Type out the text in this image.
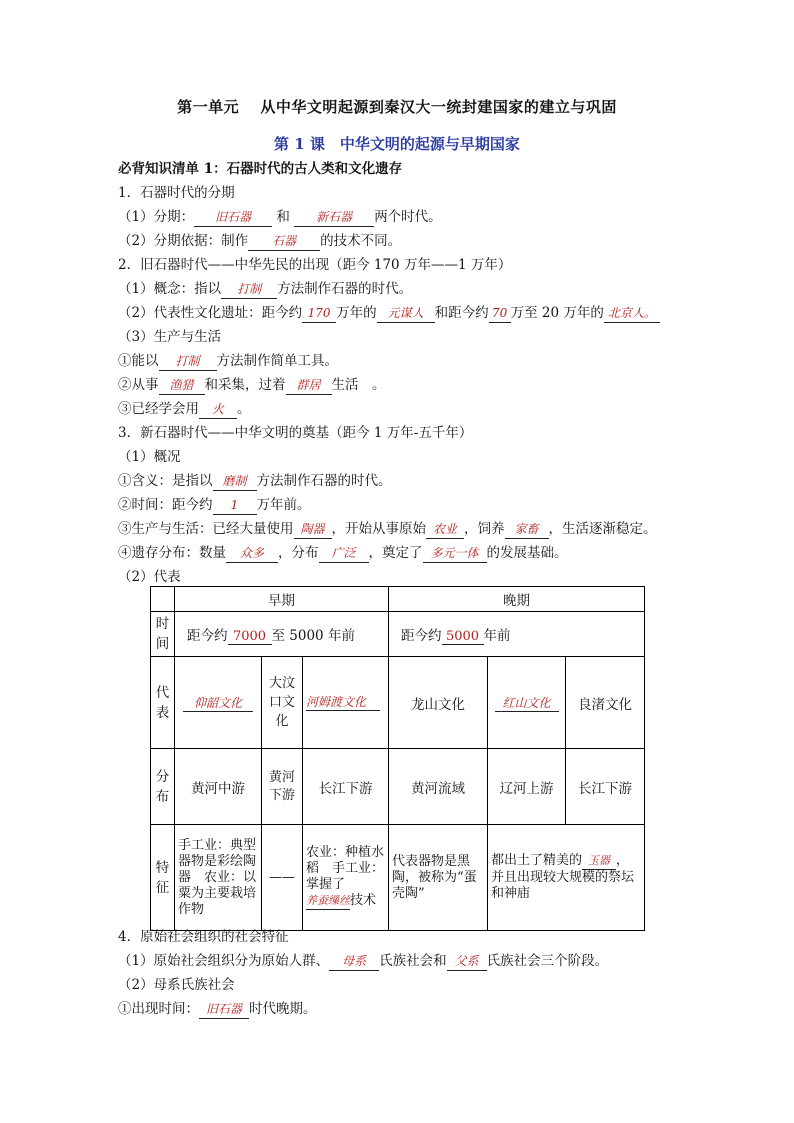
第一单元　 从中华文明起源到秦汉大一统封建国家的建立与巩固
第 1 课　中华文明的起源与早期国家
必背知识清单 1：石器时代的古人类和文化遗存
1．石器时代的分期
（1）分期： 旧石器 和 新石器 两个时代。
（2）分期依据：制作 石器 的技术不同。
2．旧石器时代——中华先民的出现（距今 170 万年——1 万年）
（1）概念：指以 打制 方法制作石器的时代。
（2）代表性文化遗址：距今约 170 万年的 元谋人 和距今约 70 万至 20 万年的 北京人。
（3）生产与生活
①能以 打制 方法制作简单工具。
②从事 渔猎 和采集，过着 群居 生活　。
③已经学会用 火 。
3．新石器时代——中华文明的奠基（距今 1 万年-五千年）
（1）概况
①含义：是指以 磨制 方法制作石器的时代。
②时间：距今约 1 万年前。
③生产与生活：已经大量使用 陶器 ，开始从事原始 农业 ，饲养 家畜 ，生活逐渐稳定。
④遗存分布：数量 众多 ，分布 广泛 ，奠定了 多元一体 的发展基础。
（2）代表
	早期			晚期		
时
间	距今约 7000 至 5000 年前			距今约 5000 年前		
代
表	仰韶文化	大汶口文化	河姆渡文化	龙山文化	红山文化	良渚文化
分
布	黄河中游	黄河下游	长江下游	黄河流域	辽河上游	长江下游
特
征	手工业：典型器物是彩绘陶器　农业：以粟为主要栽培作物	——	农业：种植水稻　手工业：掌握了养蚕缫丝技术	代表器物是黑陶，被称为“蛋壳陶”	都出土了精美的 玉器 ，并且出现较大规模的祭坛和神庙	
4．原始社会组织的社会特征
（1）原始社会组织分为原始人群、 母系 氏族社会和 父系 氏族社会三个阶段。
（2）母系氏族社会
①出现时间： 旧石器 时代晚期。
